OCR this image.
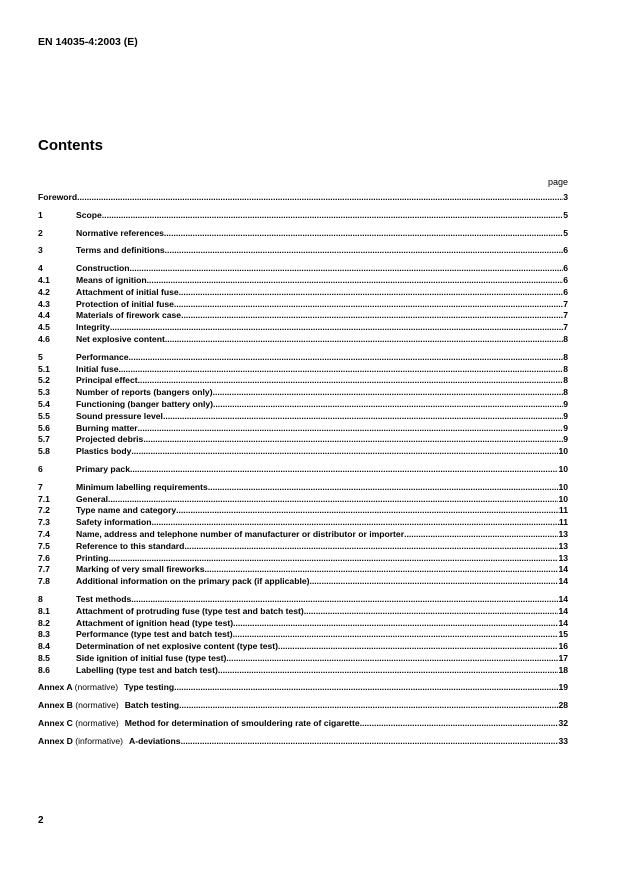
EN 14035-4:2003 (E)
Contents
page
Foreword .....	3
1	Scope .....	5
2	Normative references .....	5
3	Terms and definitions .....	6
4	Construction .....	6
4.1	Means of ignition .....	6
4.2	Attachment of initial fuse .....	6
4.3	Protection of initial fuse .....	7
4.4	Materials of firework case .....	7
4.5	Integrity .....	7
4.6	Net explosive content .....	8
5	Performance .....	8
5.1	Initial fuse .....	8
5.2	Principal effect .....	8
5.3	Number of reports (bangers only) .....	8
5.4	Functioning (banger battery only) .....	9
5.5	Sound pressure level .....	9
5.6	Burning matter .....	9
5.7	Projected debris .....	9
5.8	Plastics body .....	10
6	Primary pack .....	10
7	Minimum labelling requirements .....	10
7.1	General .....	10
7.2	Type name and category .....	11
7.3	Safety information .....	11
7.4	Name, address and telephone number of manufacturer or distributor or importer .....	13
7.5	Reference to this standard .....	13
7.6	Printing .....	13
7.7	Marking of very small fireworks .....	14
7.8	Additional information on the primary pack (if applicable) .....	14
8	Test methods .....	14
8.1	Attachment of protruding fuse (type test and batch test) .....	14
8.2	Attachment of ignition head (type test) .....	14
8.3	Performance (type test and batch test) .....	15
8.4	Determination of net explosive content (type test) .....	16
8.5	Side ignition of initial fuse (type test) .....	17
8.6	Labelling (type test and batch test) .....	18
Annex A (normative) Type testing .....	19
Annex B (normative) Batch testing .....	28
Annex C (normative) Method for determination of smouldering rate of cigarette .....	32
Annex D (informative) A-deviations .....	33
2
